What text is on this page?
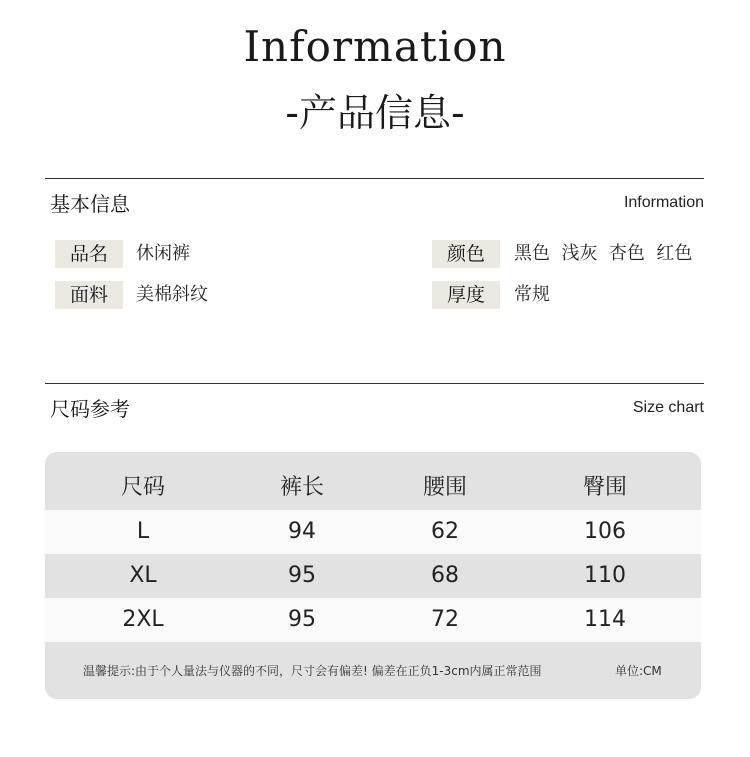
Information
-产品信息-
基本信息	Information
品名	休闲裤	颜色	黑色  浅灰  杏色  红色
面料	美棉斜纹	厚度	常规
尺码参考	Size chart
尺码	裤长	腰围	臀围
L	94	62	106
XL	95	68	110
2XL	95	72	114
温馨提示:由于个人量法与仪器的不同，尺寸会有偏差! 偏差在正负1-3cm内属正常范围	单位:CM
